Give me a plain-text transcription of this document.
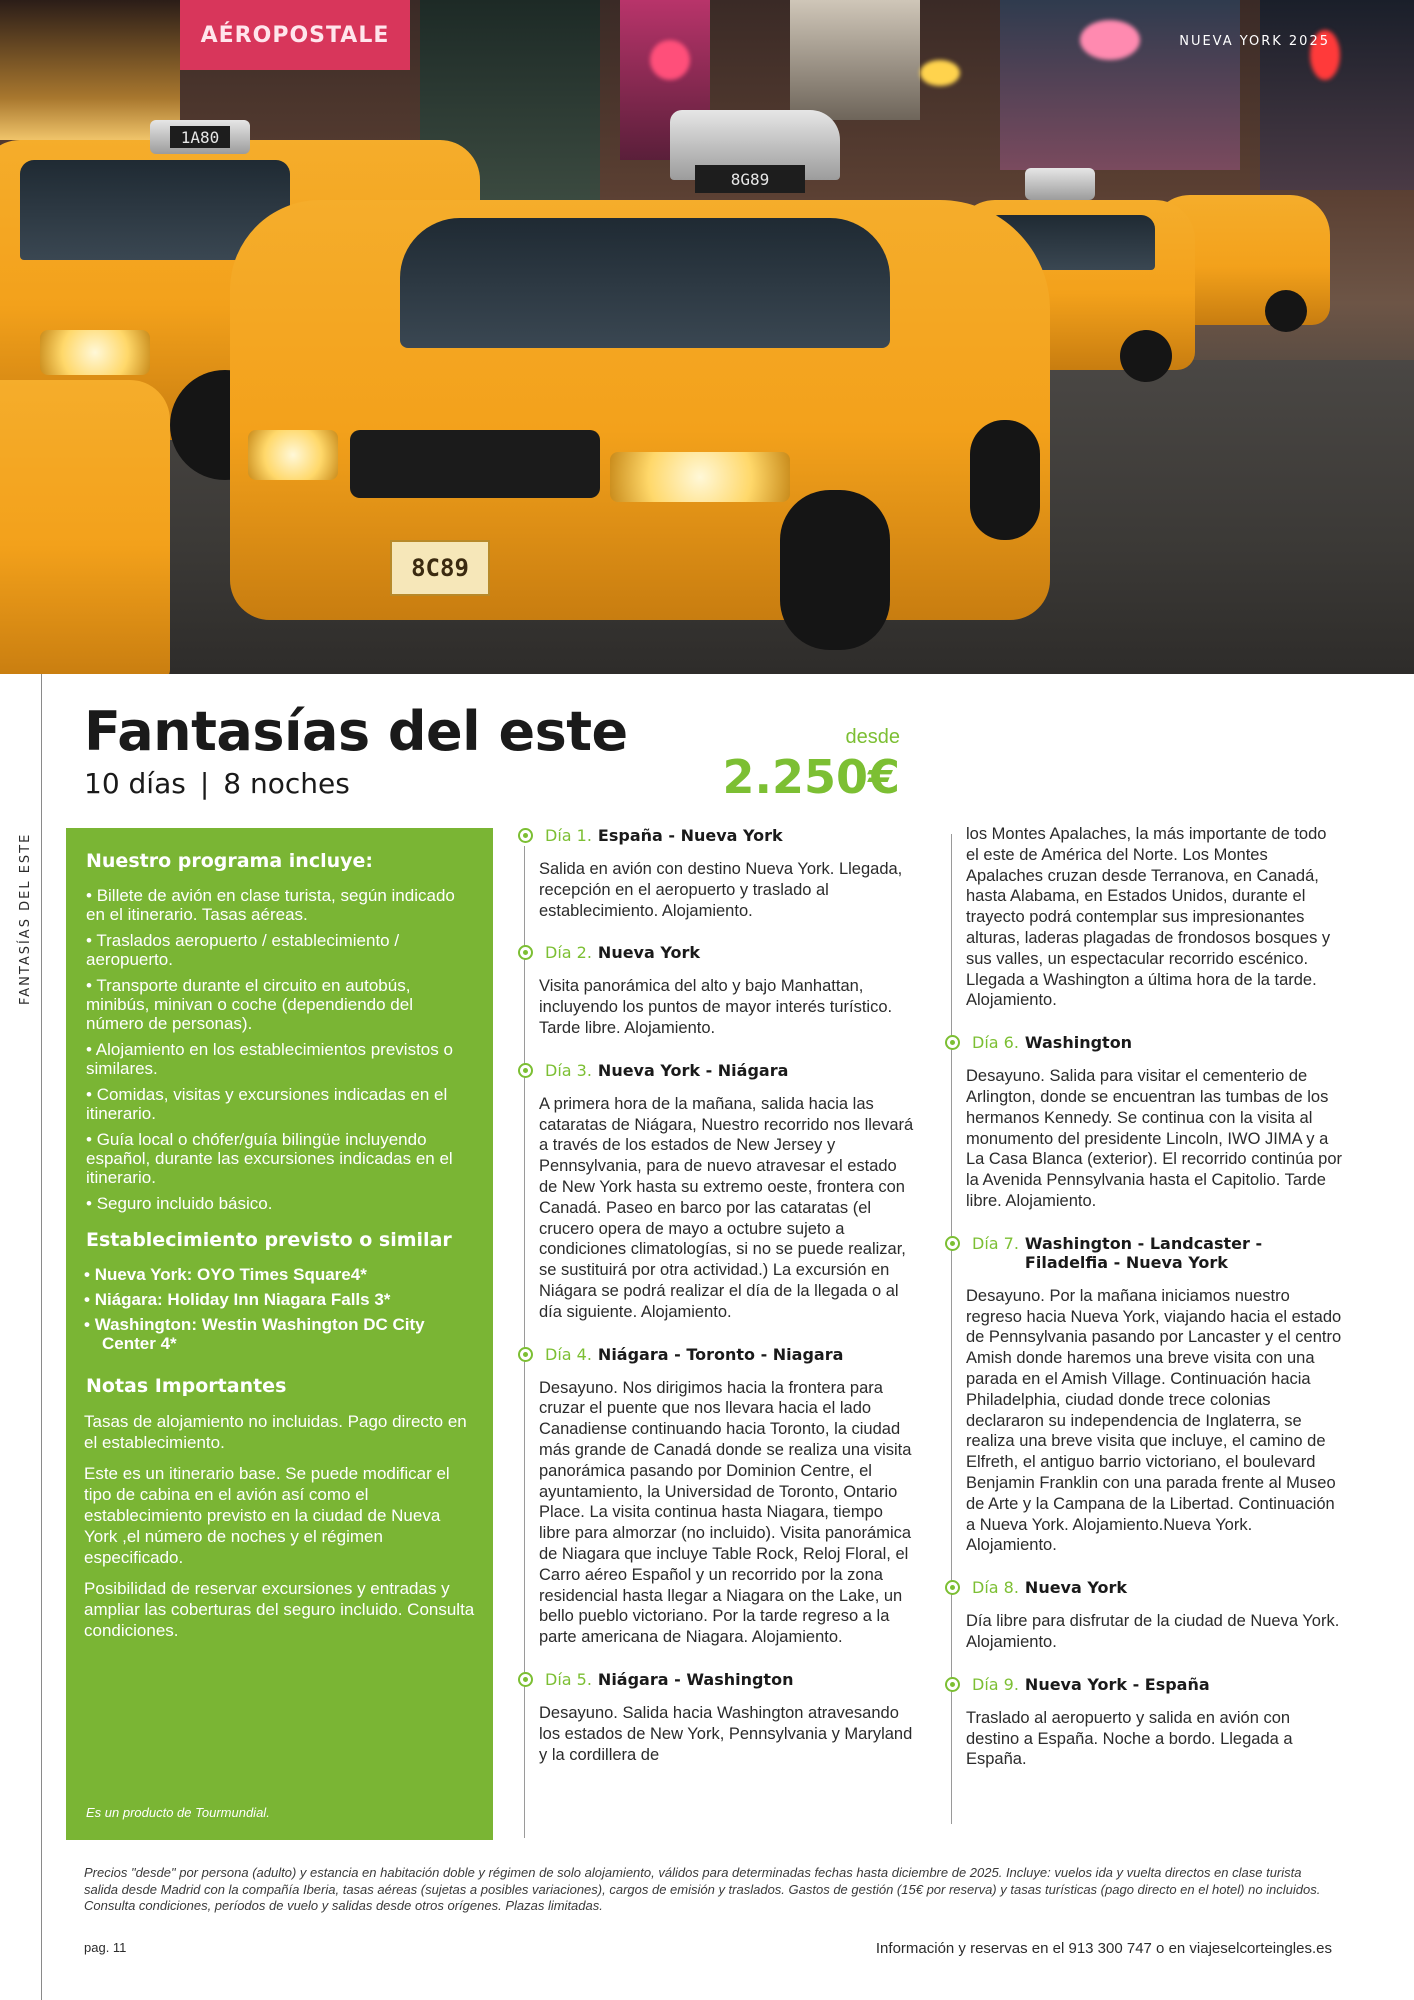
AÉROPOSTALE
1A80
8G89
8C89
NUEVA YORK 2025
FANTASÍAS DEL ESTE
Fantasías del este
10 días | 8 noches
desde
2.250€
Nuestro programa incluye:
• Billete de avión en clase turista, según indicado en el itinerario. Tasas aéreas.
• Traslados aeropuerto / establecimiento / aeropuerto.
• Transporte durante el circuito en autobús, minibús, minivan o coche (dependiendo del número de personas).
• Alojamiento en los establecimientos previstos o similares.
• Comidas, visitas y excursiones indicadas en el itinerario.
• Guía local o chófer/guía bilingüe incluyendo español, durante las excursiones indicadas en el itinerario.
• Seguro incluido básico.
Establecimiento previsto o similar
• Nueva York: OYO Times Square4*
• Niágara: Holiday Inn Niagara Falls 3*
• Washington: Westin Washington DC City Center 4*
Notas Importantes

Tasas de alojamiento no incluidas. Pago directo en el establecimiento.

Este es un itinerario base. Se puede modificar el tipo de cabina en el avión así como el establecimiento previsto en la ciudad de Nueva York ,el número de noches y el régimen especificado.

Posibilidad de reservar excursiones y entradas y ampliar las coberturas del seguro incluido. Consulta condiciones.

Es un producto de Tourmundial.
Día 1. España - Nueva York
Salida en avión con destino Nueva York. Llegada, recepción en el aeropuerto y traslado al establecimiento. Alojamiento.
Día 2. Nueva York
Visita panorámica del alto y bajo Manhattan, incluyendo los puntos de mayor interés turístico. Tarde libre. Alojamiento.
Día 3. Nueva York - Niágara
A primera hora de la mañana, salida hacia las cataratas de Niágara, Nuestro recorrido nos llevará a través de los estados de New Jersey y Pennsylvania, para de nuevo atravesar el estado de New York hasta su extremo oeste, frontera con Canadá. Paseo en barco por las cataratas (el crucero opera de mayo a octubre sujeto a condiciones climatologías, si no se puede realizar, se sustituirá por otra actividad.) La excursión en Niágara se podrá realizar el día de la llegada o al día siguiente. Alojamiento.
Día 4. Niágara - Toronto - Niagara
Desayuno. Nos dirigimos hacia la frontera para cruzar el puente que nos llevara hacia el lado Canadiense continuando hacia Toronto, la ciudad más grande de Canadá donde se realiza una visita panorámica pasando por Dominion Centre, el ayuntamiento, la Universidad de Toronto, Ontario Place. La visita continua hasta Niagara, tiempo libre para almorzar (no incluido). Visita panorámica de Niagara que incluye Table Rock, Reloj Floral, el Carro aéreo Español y un recorrido por la zona residencial hasta llegar a Niagara on the Lake, un bello pueblo victoriano. Por la tarde regreso a la parte americana de Niagara. Alojamiento.
Día 5. Niágara - Washington
Desayuno. Salida hacia Washington atravesando los estados de New York, Pennsylvania y Maryland y la cordillera de
los Montes Apalaches, la más importante de todo el este de América del Norte. Los Montes Apalaches cruzan desde Terranova, en Canadá, hasta Alabama, en Estados Unidos, durante el trayecto podrá contemplar sus impresionantes alturas, laderas plagadas de frondosos bosques y sus valles, un espectacular recorrido escénico. Llegada a Washington a última hora de la tarde. Alojamiento.
Día 6. Washington
Desayuno. Salida para visitar el cementerio de Arlington, donde se encuentran las tumbas de los hermanos Kennedy. Se continua con la visita al monumento del presidente Lincoln, IWO JIMA y a La Casa Blanca (exterior). El recorrido continúa por la Avenida Pennsylvania hasta el Capitolio. Tarde libre. Alojamiento.
Día 7. Washington - Landcaster - Filadelfia - Nueva York
Desayuno. Por la mañana iniciamos nuestro regreso hacia Nueva York, viajando hacia el estado de Pennsylvania pasando por Lancaster y el centro Amish donde haremos una breve visita con una parada en el Amish Village. Continuación hacia Philadelphia, ciudad donde trece colonias declararon su independencia de Inglaterra, se realiza una breve visita que incluye, el camino de Elfreth, el antiguo barrio victoriano, el boulevard Benjamin Franklin con una parada frente al Museo de Arte y la Campana de la Libertad. Continuación a Nueva York. Alojamiento.Nueva York. Alojamiento.
Día 8. Nueva York
Día libre para disfrutar de la ciudad de Nueva York. Alojamiento.
Día 9. Nueva York - España
Traslado al aeropuerto y salida en avión con destino a España. Noche a bordo. Llegada a España.
Precios "desde" por persona (adulto) y estancia en habitación doble y régimen de solo alojamiento, válidos para determinadas fechas hasta diciembre de 2025. Incluye: vuelos ida y vuelta directos en clase turista salida desde Madrid con la compañía Iberia, tasas aéreas (sujetas a posibles variaciones), cargos de emisión y traslados. Gastos de gestión (15€ por reserva) y tasas turísticas (pago directo en el hotel) no incluidos. Consulta condiciones, períodos de vuelo y salidas desde otros orígenes. Plazas limitadas.
pag. 11	Información y reservas en el 913 300 747 o en viajeselcorteingles.es
